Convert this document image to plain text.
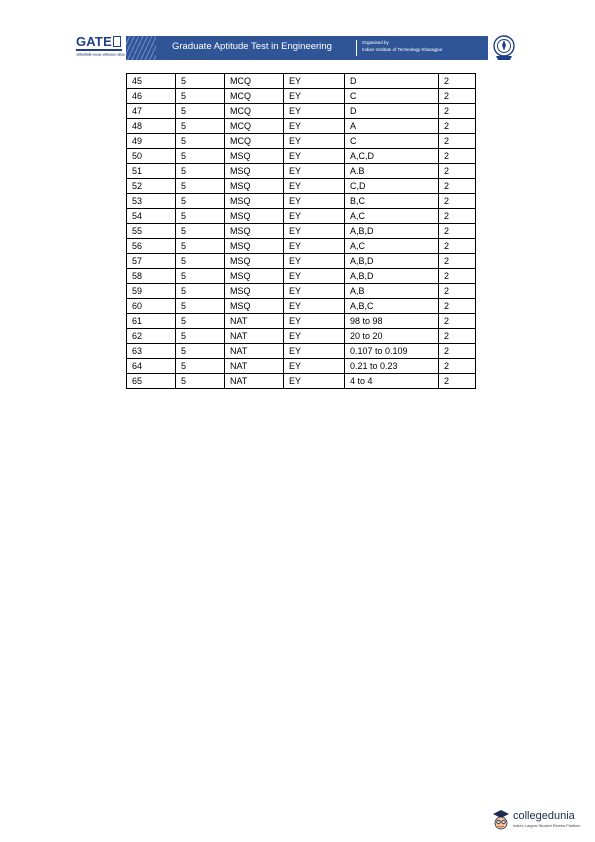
GATE
अभियांत्रिकी स्नातक अभिक्षमता परीक्षा
Graduate Aptitude Test in Engineering	Organised by
Indian Institute of Technology Kharagpur
45	5	MCQ	EY	D	2
46	5	MCQ	EY	C	2
47	5	MCQ	EY	D	2
48	5	MCQ	EY	A	2
49	5	MCQ	EY	C	2
50	5	MSQ	EY	A,C,D	2
51	5	MSQ	EY	A.B	2
52	5	MSQ	EY	C,D	2
53	5	MSQ	EY	B,C	2
54	5	MSQ	EY	A,C	2
55	5	MSQ	EY	A,B,D	2
56	5	MSQ	EY	A,C	2
57	5	MSQ	EY	A,B,D	2
58	5	MSQ	EY	A,B,D	2
59	5	MSQ	EY	A,B	2
60	5	MSQ	EY	A,B,C	2
61	5	NAT	EY	98 to 98	2
62	5	NAT	EY	20 to 20	2
63	5	NAT	EY	0.107 to 0.109	2
64	5	NAT	EY	0.21 to 0.23	2
65	5	NAT	EY	4 to 4	2
collegedunia
India's Largest Student Review Platform
